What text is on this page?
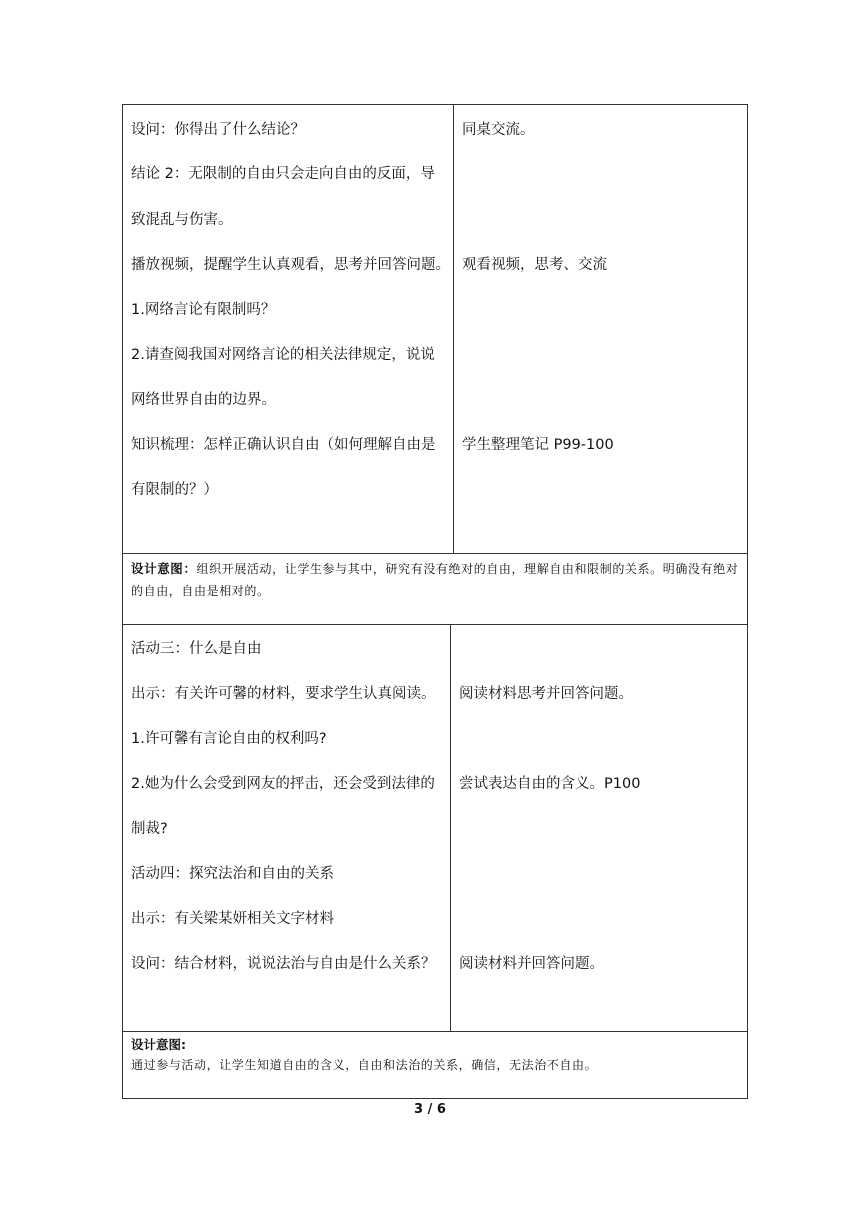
设问：你得出了什么结论？
结论 2：无限制的自由只会走向自由的反面，导
致混乱与伤害。
播放视频，提醒学生认真观看，思考并回答问题。
1.网络言论有限制吗？
2.请查阅我国对网络言论的相关法律规定，说说
网络世界自由的边界。
知识梳理：怎样正确认识自由（如何理解自由是
有限制的？）
同桌交流。
观看视频，思考、交流
学生整理笔记 P99-100
设计意图：组织开展活动，让学生参与其中，研究有没有绝对的自由，理解自由和限制的关系。明确没有绝对的自由，自由是相对的。
活动三：什么是自由
出示：有关许可馨的材料，要求学生认真阅读。
1.许可馨有言论自由的权利吗?
2.她为什么会受到网友的抨击，还会受到法律的
制裁?
活动四：探究法治和自由的关系
出示：有关梁某妍相关文字材料
设问：结合材料，说说法治与自由是什么关系？
阅读材料思考并回答问题。
尝试表达自由的含义。P100
阅读材料并回答问题。
设计意图:
通过参与活动，让学生知道自由的含义，自由和法治的关系，确信，无法治不自由。
3 / 6
